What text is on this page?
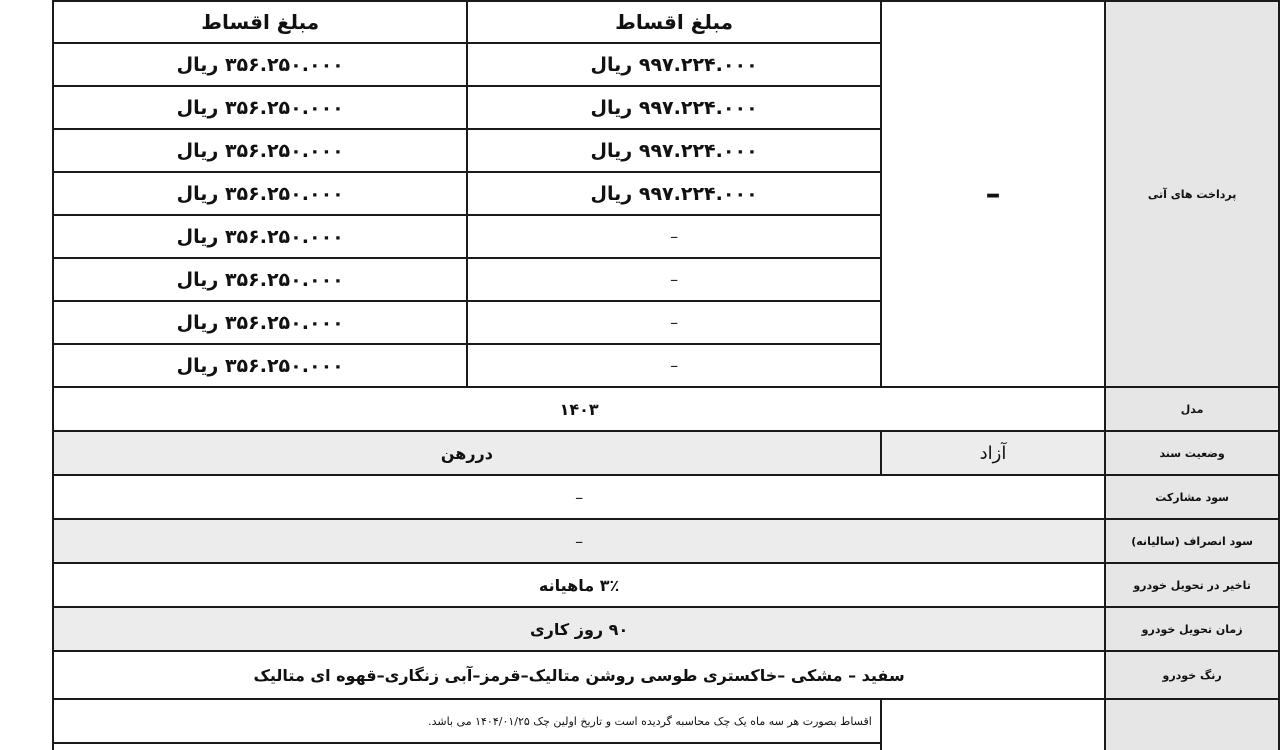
مبلغ اقساط	مبلغ اقساط	–	پرداخت های آتی
۳۵۶.۲۵۰.۰۰۰ ریال	۹۹۷.۲۲۴.۰۰۰ ریال		
۳۵۶.۲۵۰.۰۰۰ ریال	۹۹۷.۲۲۴.۰۰۰ ریال		
۳۵۶.۲۵۰.۰۰۰ ریال	۹۹۷.۲۲۴.۰۰۰ ریال		
۳۵۶.۲۵۰.۰۰۰ ریال	۹۹۷.۲۲۴.۰۰۰ ریال		
۳۵۶.۲۵۰.۰۰۰ ریال	–		
۳۵۶.۲۵۰.۰۰۰ ریال	–		
۳۵۶.۲۵۰.۰۰۰ ریال	–		
۳۵۶.۲۵۰.۰۰۰ ریال	–		
۱۴۰۳			مدل
دررهن		آزاد	وضعیت سند
–			سود مشارکت
–			سود انصراف (سالیانه)
۳٪ ماهیانه			تاخیر در تحویل خودرو
۹۰ روز کاری			زمان تحویل خودرو
سفید – مشکی –خاکستری طوسی روشن متالیک–قرمز–آبی زنگاری–قهوه ای متالیک			رنگ خودرو
اقساط بصورت هر سه ماه یک چک محاسبه گردیده است و تاریخ اولین چک ۱۴۰۴/۰۱/۲۵ می باشد.			
